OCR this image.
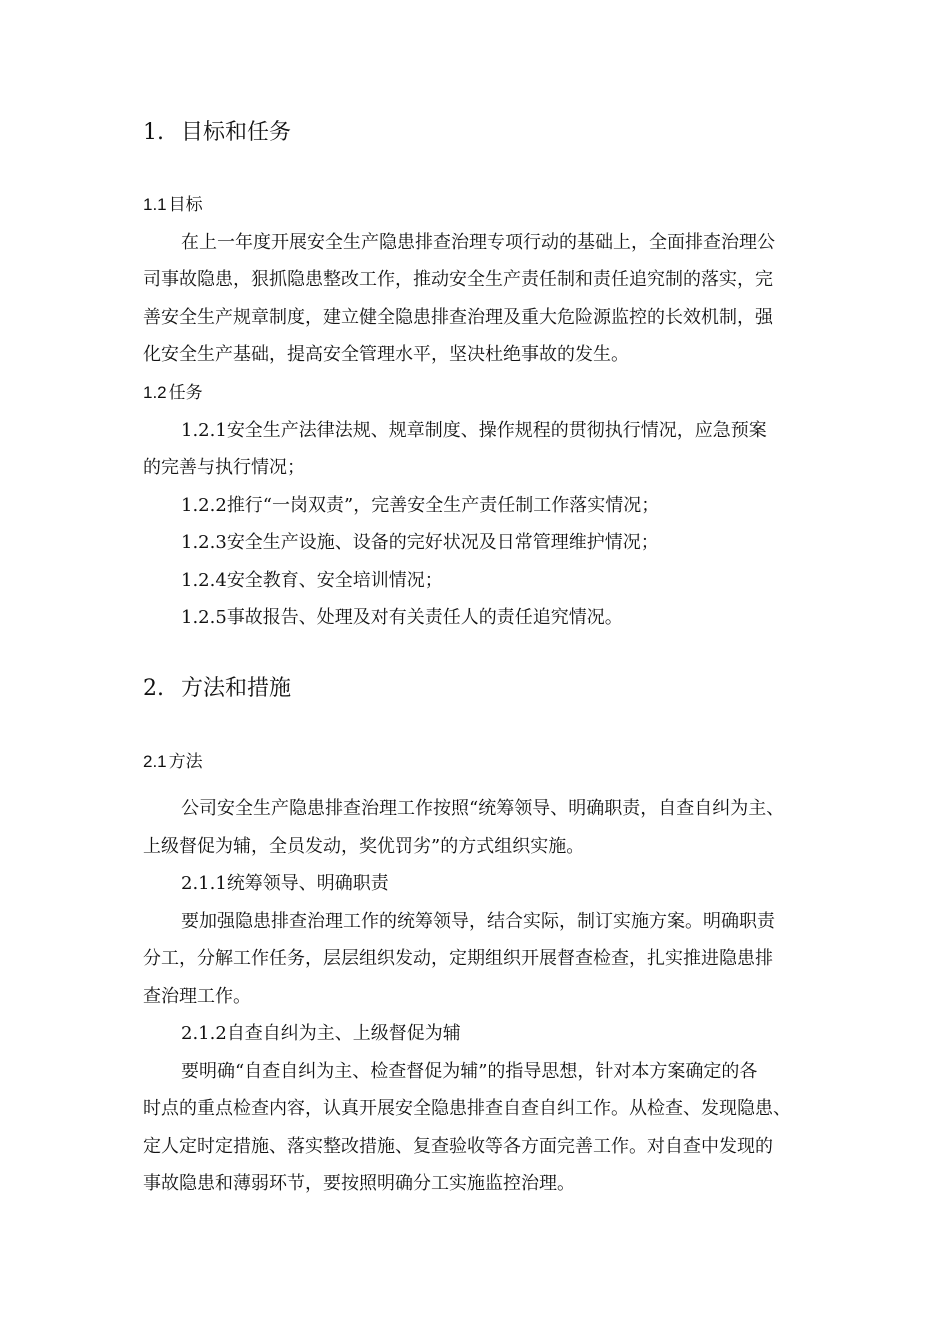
1. 目标和任务
1.1 目标
在上一年度开展安全生产隐患排查治理专项行动的基础上，全面排查治理公
司事故隐患，狠抓隐患整改工作，推动安全生产责任制和责任追究制的落实，完
善安全生产规章制度，建立健全隐患排查治理及重大危险源监控的长效机制，强
化安全生产基础，提高安全管理水平，坚决杜绝事故的发生。
1.2 任务
1.2.1安全生产法律法规、规章制度、操作规程的贯彻执行情况，应急预案
的完善与执行情况；
1.2.2推行“一岗双责”，完善安全生产责任制工作落实情况；
1.2.3安全生产设施、设备的完好状况及日常管理维护情况；
1.2.4安全教育、安全培训情况；
1.2.5事故报告、处理及对有关责任人的责任追究情况。
2. 方法和措施
2.1 方法
公司安全生产隐患排查治理工作按照“统筹领导、明确职责，自查自纠为主、
上级督促为辅，全员发动，奖优罚劣”的方式组织实施。
2.1.1统筹领导、明确职责
要加强隐患排查治理工作的统筹领导，结合实际，制订实施方案。明确职责
分工，分解工作任务，层层组织发动，定期组织开展督查检查，扎实推进隐患排
查治理工作。
2.1.2自查自纠为主、上级督促为辅
要明确“自查自纠为主、检查督促为辅”的指导思想，针对本方案确定的各
时点的重点检查内容，认真开展安全隐患排查自查自纠工作。从检查、发现隐患、
定人定时定措施、落实整改措施、复查验收等各方面完善工作。对自查中发现的
事故隐患和薄弱环节，要按照明确分工实施监控治理。
